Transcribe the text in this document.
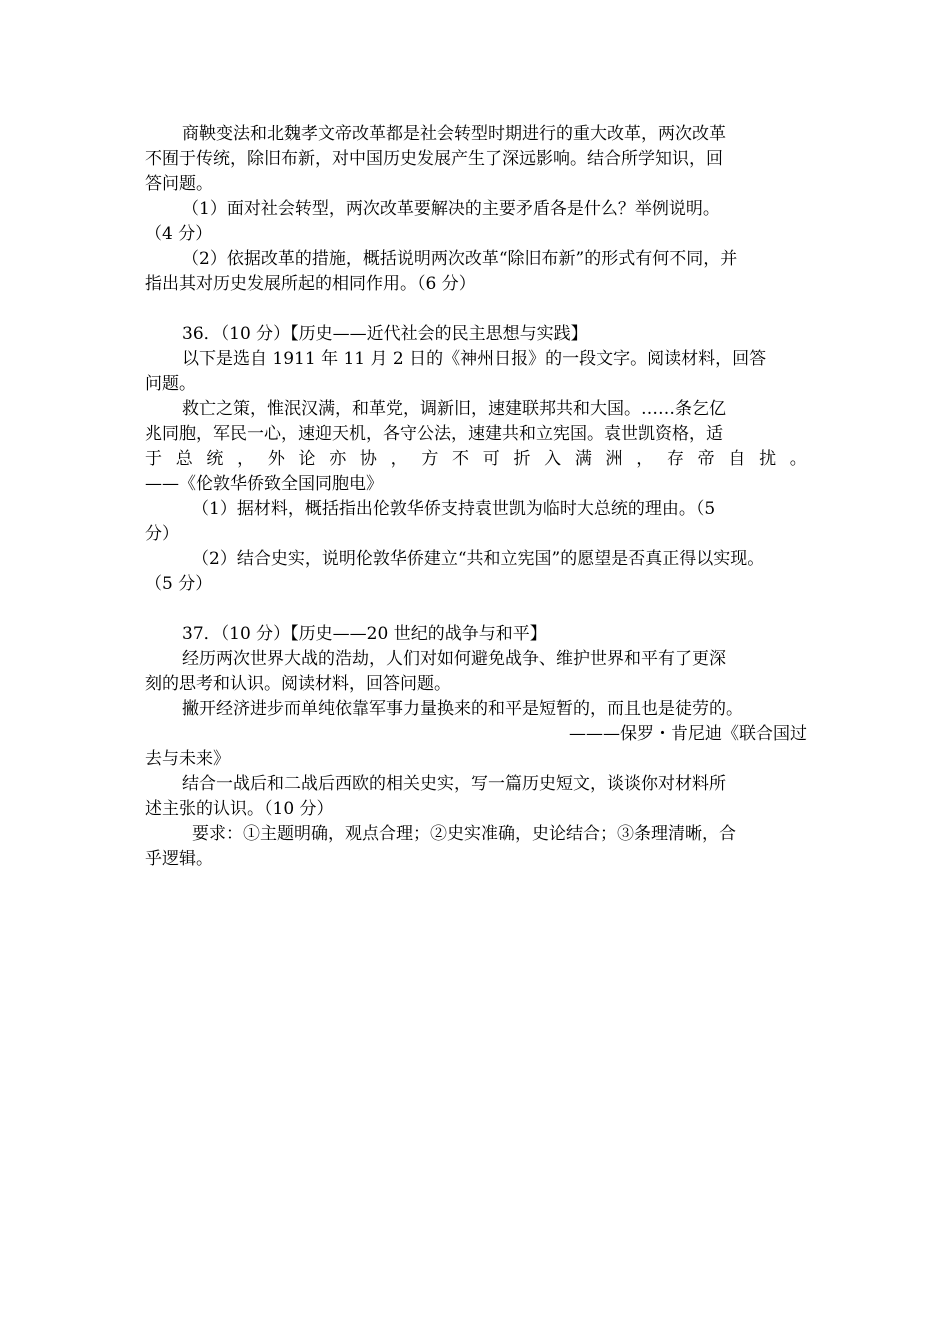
商鞅变法和北魏孝文帝改革都是社会转型时期进行的重大改革，两次改革
不囿于传统，除旧布新，对中国历史发展产生了深远影响。结合所学知识，回
答问题。
（1）面对社会转型，两次改革要解决的主要矛盾各是什么？举例说明。
（4 分）
（2）依据改革的措施，概括说明两次改革“除旧布新”的形式有何不同，并
指出其对历史发展所起的相同作用。（6 分）
36．（10 分）【历史——近代社会的民主思想与实践】
以下是选自 1911 年 11 月 2 日的《神州日报》的一段文字。阅读材料，回答
问题。
救亡之策，惟泯汉满，和革党，调新旧，速建联邦共和大国。……条乞亿
兆同胞，军民一心，速迎天机，各守公法，速建共和立宪国。袁世凯资格，适
于 总 统 ， 外 论 亦 协 ， 方 不 可 折 入 满 洲 ， 存 帝 自 扰 。
——《伦敦华侨致全国同胞电》
（1）据材料，概括指出伦敦华侨支持袁世凯为临时大总统的理由。（5
分）
（2）结合史实，说明伦敦华侨建立“共和立宪国”的愿望是否真正得以实现。
（5 分）
37．（10 分）【历史——20 世纪的战争与和平】
经历两次世界大战的浩劫，人们对如何避免战争、维护世界和平有了更深
刻的思考和认识。阅读材料，回答问题。
撇开经济进步而单纯依靠军事力量换来的和平是短暂的，而且也是徒劳的。
———保罗・肯尼迪《联合国过
去与未来》
结合一战后和二战后西欧的相关史实，写一篇历史短文，谈谈你对材料所
述主张的认识。（10 分）
要求：①主题明确，观点合理；②史实准确，史论结合；③条理清晰，合
乎逻辑。
